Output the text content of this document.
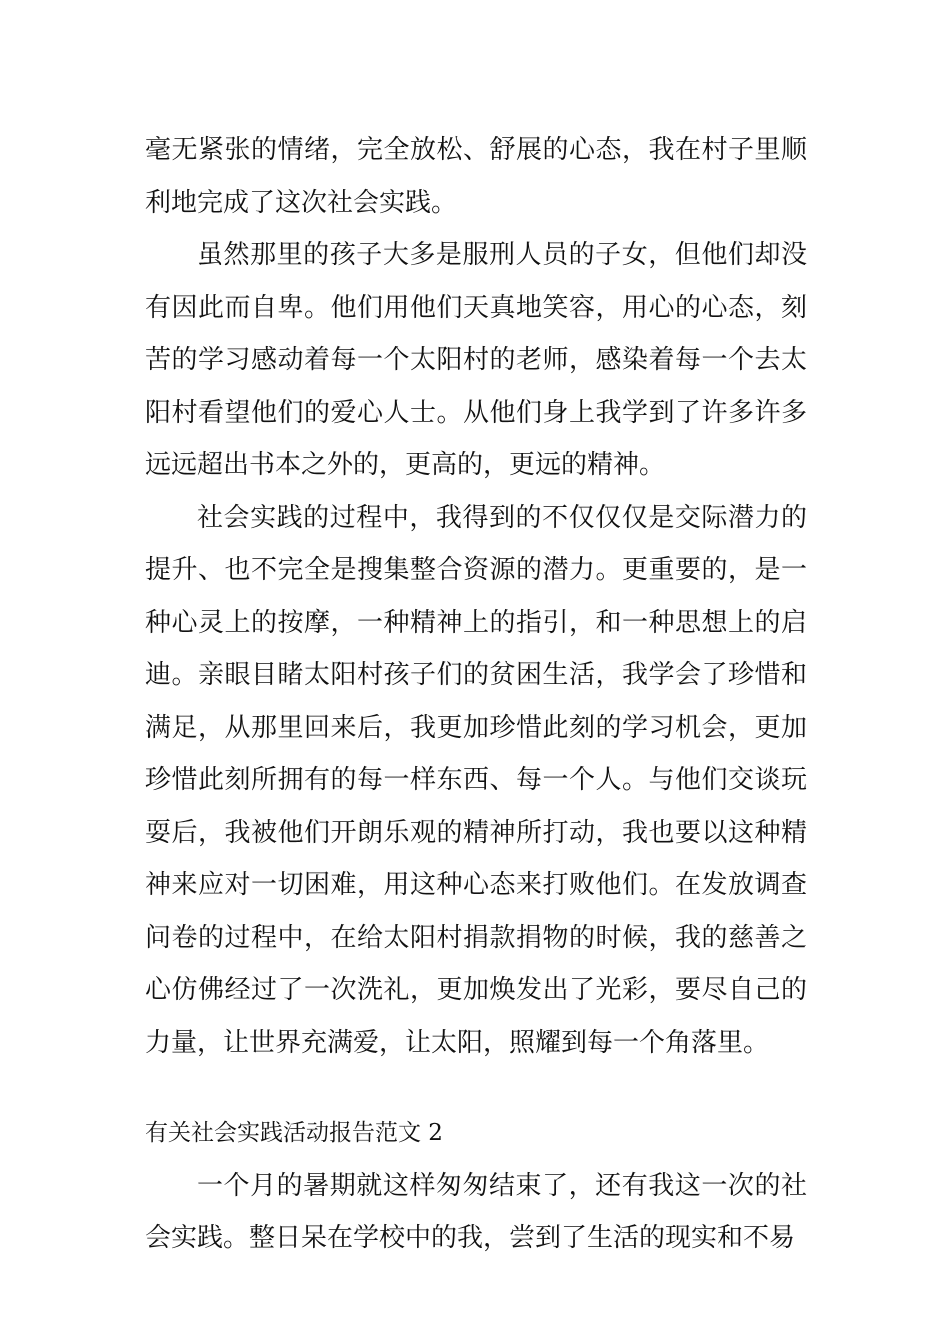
毫无紧张的情绪，完全放松、舒展的心态，我在村子里顺利地完成了这次社会实践。

虽然那里的孩子大多是服刑人员的子女，但他们却没有因此而自卑。他们用他们天真地笑容，用心的心态，刻苦的学习感动着每一个太阳村的老师，感染着每一个去太阳村看望他们的爱心人士。从他们身上我学到了许多许多远远超出书本之外的，更高的，更远的精神。

社会实践的过程中，我得到的不仅仅仅是交际潜力的提升、也不完全是搜集整合资源的潜力。更重要的，是一种心灵上的按摩，一种精神上的指引，和一种思想上的启迪。亲眼目睹太阳村孩子们的贫困生活，我学会了珍惜和满足，从那里回来后，我更加珍惜此刻的学习机会，更加珍惜此刻所拥有的每一样东西、每一个人。与他们交谈玩耍后，我被他们开朗乐观的精神所打动，我也要以这种精神来应对一切困难，用这种心态来打败他们。在发放调查问卷的过程中，在给太阳村捐款捐物的时候，我的慈善之心仿佛经过了一次洗礼，更加焕发出了光彩，要尽自己的力量，让世界充满爱，让太阳，照耀到每一个角落里。

有关社会实践活动报告范文 2

一个月的暑期就这样匆匆结束了，还有我这一次的社会实践。整日呆在学校中的我，尝到了生活的现实和不易
